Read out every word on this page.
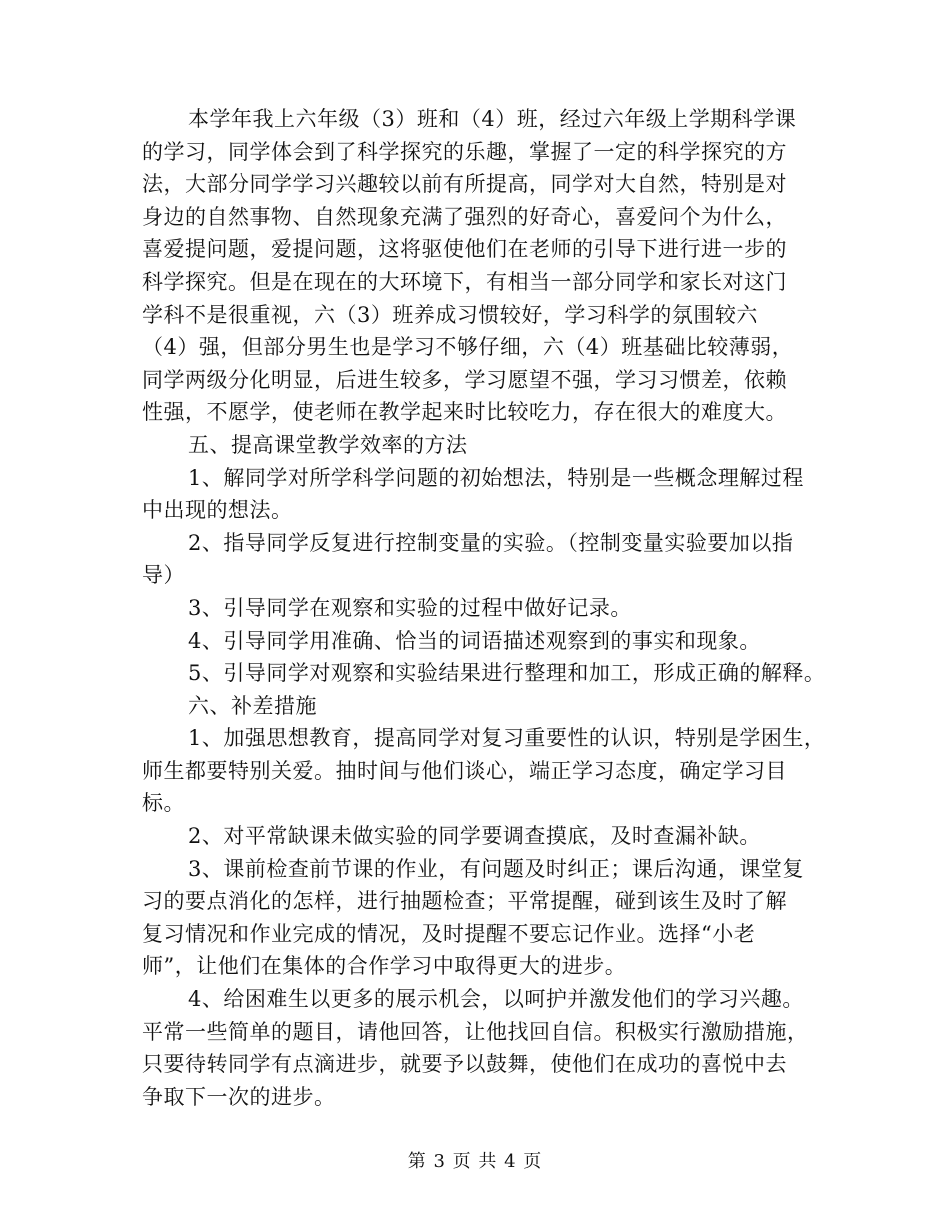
本学年我上六年级（3）班和（4）班，经过六年级上学期科学课
的学习，同学体会到了科学探究的乐趣，掌握了一定的科学探究的方
法，大部分同学学习兴趣较以前有所提高，同学对大自然，特别是对
身边的自然事物、自然现象充满了强烈的好奇心，喜爱问个为什么，
喜爱提问题，爱提问题，这将驱使他们在老师的引导下进行进一步的
科学探究。但是在现在的大环境下，有相当一部分同学和家长对这门
学科不是很重视，六（3）班养成习惯较好，学习科学的氛围较六
（4）强，但部分男生也是学习不够仔细，六（4）班基础比较薄弱，
同学两级分化明显，后进生较多，学习愿望不强，学习习惯差，依赖
性强，不愿学，使老师在教学起来时比较吃力，存在很大的难度大。
五、提高课堂教学效率的方法
1、解同学对所学科学问题的初始想法，特别是一些概念理解过程
中出现的想法。
2、指导同学反复进行控制变量的实验。（控制变量实验要加以指
导）
3、引导同学在观察和实验的过程中做好记录。
4、引导同学用准确、恰当的词语描述观察到的事实和现象。
5、引导同学对观察和实验结果进行整理和加工，形成正确的解释。
六、补差措施
1、加强思想教育，提高同学对复习重要性的认识，特别是学困生，
师生都要特别关爱。抽时间与他们谈心，端正学习态度，确定学习目
标。
2、对平常缺课未做实验的同学要调查摸底，及时查漏补缺。
3、课前检查前节课的作业，有问题及时纠正；课后沟通，课堂复
习的要点消化的怎样，进行抽题检查；平常提醒，碰到该生及时了解
复习情况和作业完成的情况，及时提醒不要忘记作业。选择“小老
师”，让他们在集体的合作学习中取得更大的进步。
4、给困难生以更多的展示机会，以呵护并激发他们的学习兴趣。
平常一些简单的题目，请他回答，让他找回自信。积极实行激励措施，
只要待转同学有点滴进步，就要予以鼓舞，使他们在成功的喜悦中去
争取下一次的进步。
第 3 页 共 4 页
